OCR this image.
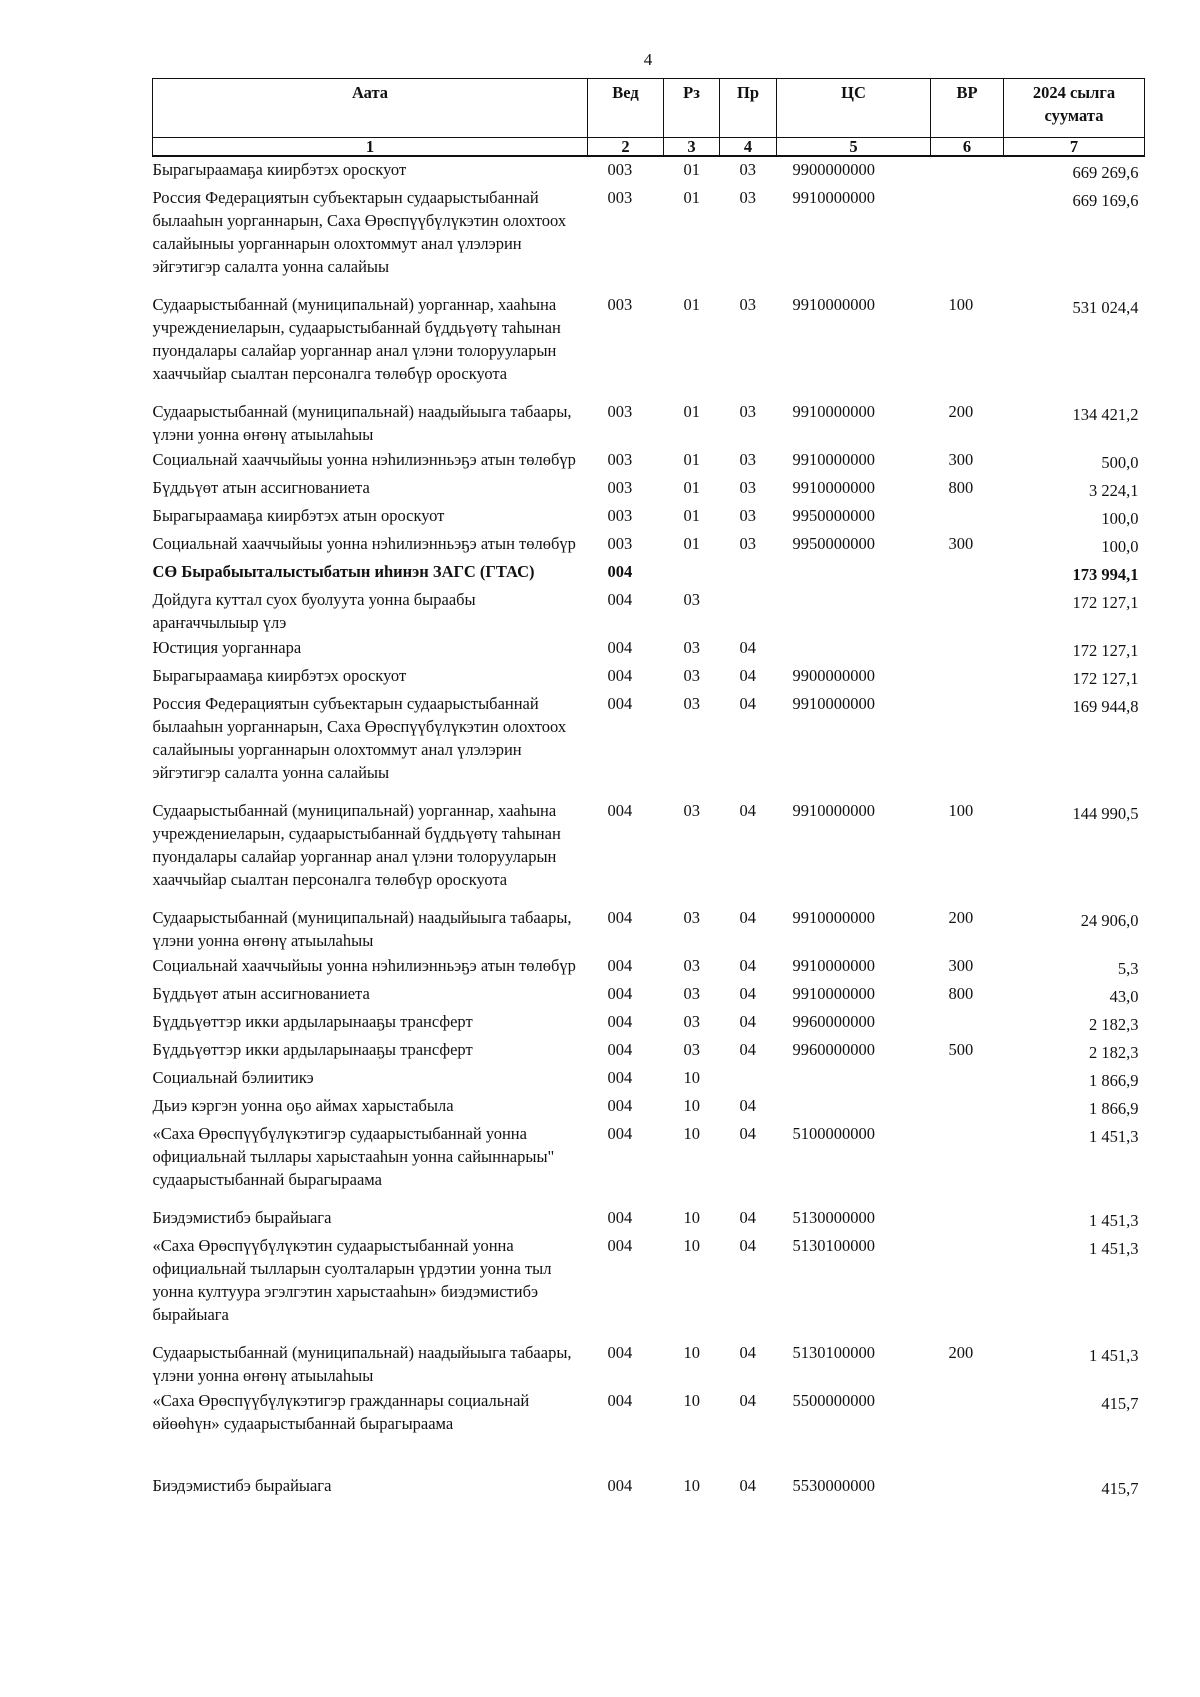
4
Аата	Вед	Рз	Пр	ЦС	ВР	2024 сылга суумата
1	2	3	4	5	6	7
Бырагыраамаҕа киирбэтэх ороскуот	003	01	03	9900000000		669 269,6
Россия Федерациятын субъектарын судаарыстыбаннай былааһын уорганнарын, Саха Өрөспүүбүлүкэтин олохтоох салайыныы уорганнарын олохтоммут анал үлэлэрин эйгэтигэр салалта уонна салайыы	003	01	03	9910000000		669 169,6
Судаарыстыбаннай (муниципальнай) уорганнар, хааһына учреждениеларын, судаарыстыбаннай бүддьүөтү таһынан пуондалары салайар уорганнар анал үлэни толорууларын хааччыйар сыалтан персоналга төлөбүр ороскуота	003	01	03	9910000000	100	531 024,4
Судаарыстыбаннай (муниципальнай) наадыйыыга табаары, үлэни уонна өҥөнү атыылаһыы	003	01	03	9910000000	200	134 421,2
Социальнай хааччыйыы уонна нэһилиэнньэҕэ атын төлөбүр	003	01	03	9910000000	300	500,0
Бүддьүөт атын ассигнованиета	003	01	03	9910000000	800	3 224,1
Бырагыраамаҕа киирбэтэх атын ороскуот	003	01	03	9950000000		100,0
Социальнай хааччыйыы уонна нэһилиэнньэҕэ атын төлөбүр	003	01	03	9950000000	300	100,0
СӨ Бырабыыталыстыбатын иһинэн ЗАГС (ГТАС)	004					173 994,1
Дойдуга куттал суох буолуута уонна быраабы араҥаччылыыр үлэ	004	03				172 127,1
Юстиция уорганнара	004	03	04			172 127,1
Бырагыраамаҕа киирбэтэх ороскуот	004	03	04	9900000000		172 127,1
Россия Федерациятын субъектарын судаарыстыбаннай былааһын уорганнарын, Саха Өрөспүүбүлүкэтин олохтоох салайыныы уорганнарын олохтоммут анал үлэлэрин эйгэтигэр салалта уонна салайыы	004	03	04	9910000000		169 944,8
Судаарыстыбаннай (муниципальнай) уорганнар, хааһына учреждениеларын, судаарыстыбаннай бүддьүөтү таһынан пуондалары салайар уорганнар анал үлэни толорууларын хааччыйар сыалтан персоналга төлөбүр ороскуота	004	03	04	9910000000	100	144 990,5
Судаарыстыбаннай (муниципальнай) наадыйыыга табаары, үлэни уонна өҥөнү атыылаһыы	004	03	04	9910000000	200	24 906,0
Социальнай хааччыйыы уонна нэһилиэнньэҕэ атын төлөбүр	004	03	04	9910000000	300	5,3
Бүддьүөт атын ассигнованиета	004	03	04	9910000000	800	43,0
Бүддьүөттэр икки ардыларынааҕы трансферт	004	03	04	9960000000		2 182,3
Бүддьүөттэр икки ардыларынааҕы трансферт	004	03	04	9960000000	500	2 182,3
Социальнай бэлиитикэ	004	10				1 866,9
Дьиэ кэргэн уонна оҕо аймах харыстабыла	004	10	04			1 866,9
«Саха Өрөспүүбүлүкэтигэр судаарыстыбаннай уонна официальнай тыллары харыстааһын уонна сайыннарыы" судаарыстыбаннай бырагыраама	004	10	04	5100000000		1 451,3
Биэдэмистибэ бырайыага	004	10	04	5130000000		1 451,3
«Саха Өрөспүүбүлүкэтин судаарыстыбаннай уонна официальнай тылларын суолталарын үрдэтии уонна тыл уонна култуура эгэлгэтин харыстааһын» биэдэмистибэ бырайыага	004	10	04	5130100000		1 451,3
Судаарыстыбаннай (муниципальнай) наадыйыыга табаары, үлэни уонна өҥөнү атыылаһыы	004	10	04	5130100000	200	1 451,3
«Саха Өрөспүүбүлүкэтигэр гражданнары социальнай өйөөһүн» судаарыстыбаннай бырагыраама	004	10	04	5500000000		415,7
Биэдэмистибэ бырайыага	004	10	04	5530000000		415,7
